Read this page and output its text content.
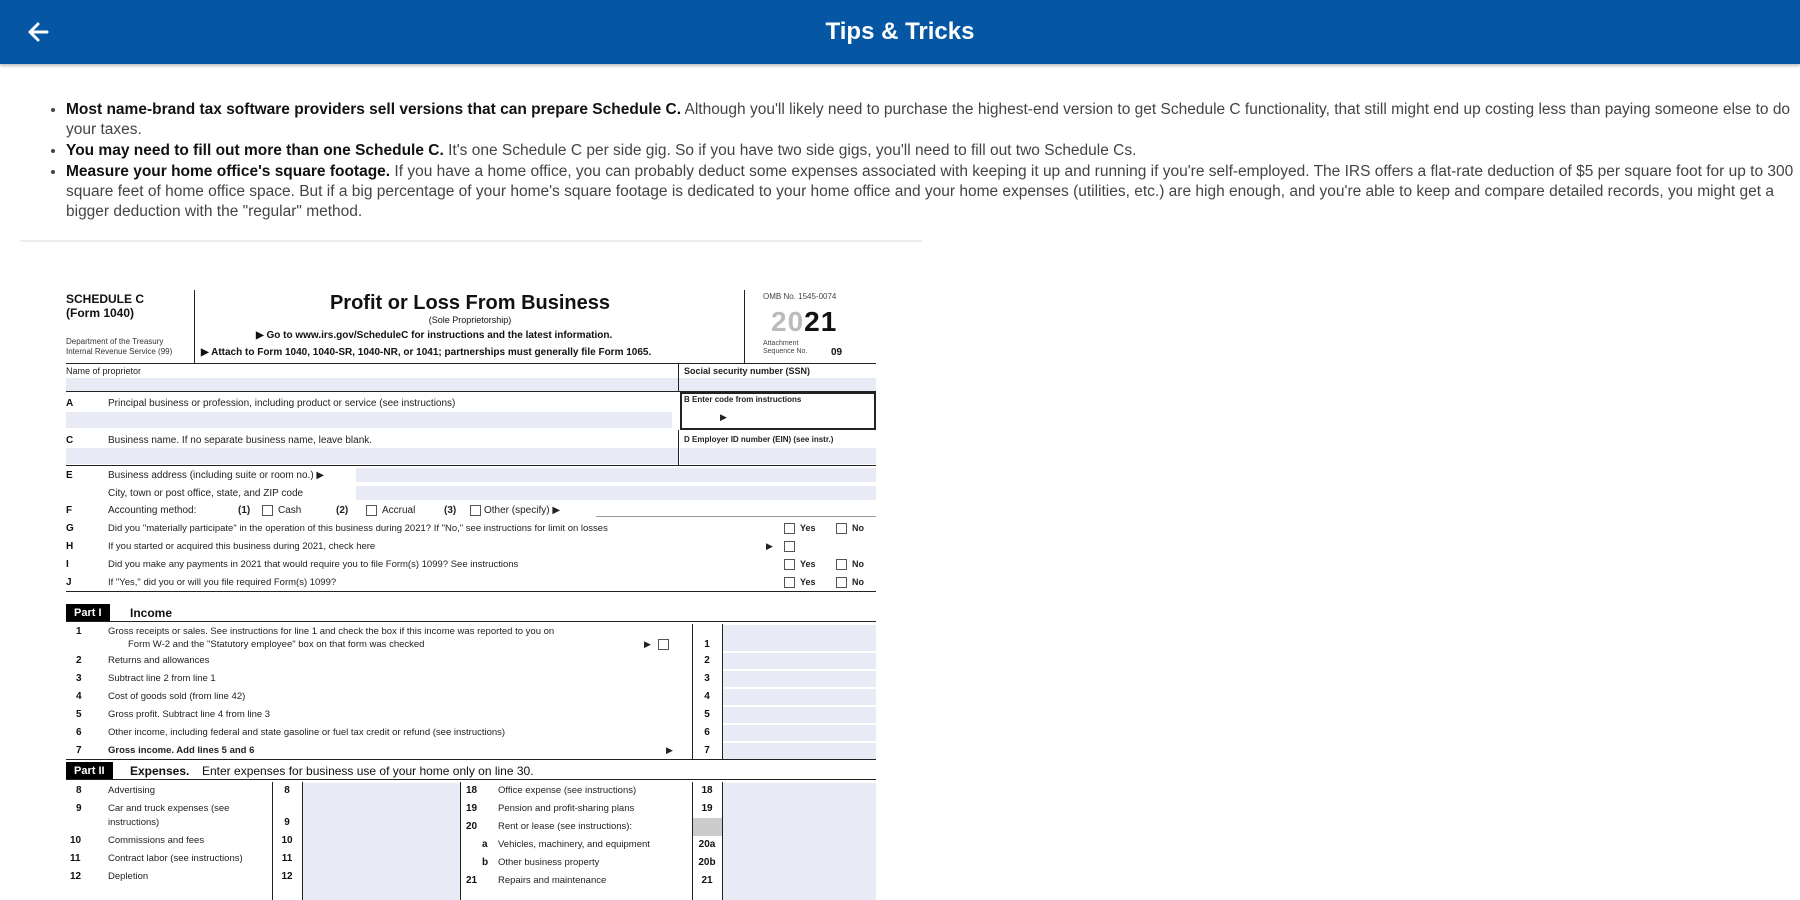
Tips & Tricks
• Most name-brand tax software providers sell versions that can prepare Schedule C. Although you'll likely need to purchase the highest-end version to get Schedule C functionality, that still might end up costing less than paying someone else to do your taxes.
• You may need to fill out more than one Schedule C. It's one Schedule C per side gig. So if you have two side gigs, you'll need to fill out two Schedule Cs.
• Measure your home office's square footage. If you have a home office, you can probably deduct some expenses associated with keeping it up and running if you're self-employed. The IRS offers a flat-rate deduction of $5 per square foot for up to 300 square feet of home office space. But if a big percentage of your home's square footage is dedicated to your home office and your home expenses (utilities, etc.) are high enough, and you're able to keep and compare detailed records, you might get a bigger deduction with the "regular" method.
SCHEDULE C
(Form 1040)
Department of the Treasury
Internal Revenue Service (99)
Profit or Loss From Business
(Sole Proprietorship)
▶ Go to www.irs.gov/ScheduleC for instructions and the latest information.
▶ Attach to Form 1040, 1040-SR, 1040-NR, or 1041; partnerships must generally file Form 1065.
OMB No. 1545-0074
2021
Attachment
Sequence No. 09
Name of proprietor	Social security number (SSN)
A	Principal business or profession, including product or service (see instructions)	B Enter code from instructions
▶
C	Business name. If no separate business name, leave blank.	D Employer ID number (EIN) (see instr.)
E	Business address (including suite or room no.) ▶
City, town or post office, state, and ZIP code
F	Accounting method:	(1)	Cash	(2)	Accrual	(3)	Other (specify) ▶
G	Did you "materially participate" in the operation of this business during 2021? If "No," see instructions for limit on losses	Yes	No
H	If you started or acquired this business during 2021, check here	▶
I	Did you make any payments in 2021 that would require you to file Form(s) 1099? See instructions	Yes	No
J	If "Yes," did you or will you file required Form(s) 1099?	Yes	No
Part I	Income
1	Gross receipts or sales. See instructions for line 1 and check the box if this income was reported to you on
Form W-2 and the "Statutory employee" box on that form was checked	▶	1
2	Returns and allowances	2
3	Subtract line 2 from line 1	3
4	Cost of goods sold (from line 42)	4
5	Gross profit. Subtract line 4 from line 3	5
6	Other income, including federal and state gasoline or fuel tax credit or refund (see instructions)	6
7	Gross income. Add lines 5 and 6	▶	7
Part II	Expenses. Enter expenses for business use of your home only on line 30.
8	Advertising	8
9	Car and truck expenses (see
instructions)	9
10	Commissions and fees	10
11	Contract labor (see instructions)	11
12	Depletion	12
18 Office expense (see instructions)	18
19 Pension and profit-sharing plans	19
20 Rent or lease (see instructions):
a Vehicles, machinery, and equipment	20a
b Other business property	20b
21 Repairs and maintenance	21
